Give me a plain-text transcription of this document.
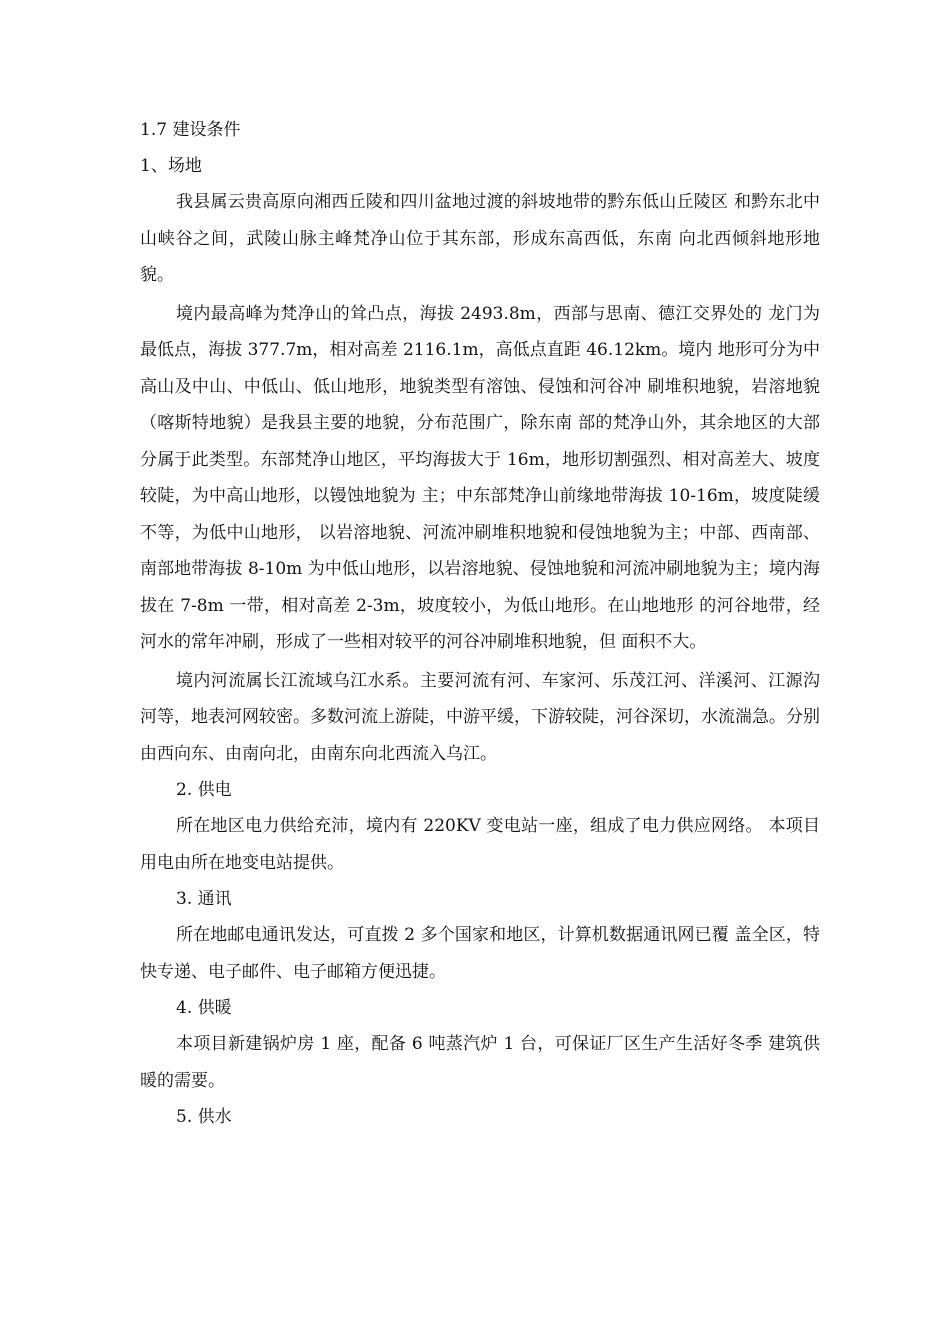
1.7 建设条件

1、场地

我县属云贵高原向湘西丘陵和四川盆地过渡的斜坡地带的黔东低山丘陵区 和黔东北中山峡谷之间，武陵山脉主峰梵净山位于其东部，形成东高西低，东南 向北西倾斜地形地貌。

境内最高峰为梵净山的耸凸点，海拔 2493.8m，西部与思南、德江交界处的 龙门为最低点，海拔 377.7m，相对高差 2116.1m，高低点直距 46.12km。境内 地形可分为中高山及中山、中低山、低山地形，地貌类型有溶蚀、侵蚀和河谷冲 刷堆积地貌，岩溶地貌（喀斯特地貌）是我县主要的地貌，分布范围广，除东南 部的梵净山外，其余地区的大部分属于此类型。东部梵净山地区，平均海拔大于 16m，地形切割强烈、相对高差大、坡度较陡，为中高山地形，以镘蚀地貌为 主；中东部梵净山前缘地带海拔 10-16m，坡度陡缓不等，为低中山地形， 以岩溶地貌、河流冲刷堆积地貌和侵蚀地貌为主；中部、西南部、南部地带海拔 8-10m 为中低山地形，以岩溶地貌、侵蚀地貌和河流冲刷地貌为主；境内海 拔在 7-8m 一带，相对高差 2-3m，坡度较小，为低山地形。在山地地形 的河谷地带，经河水的常年冲刷，形成了一些相对较平的河谷冲刷堆积地貌，但 面积不大。

境内河流属长江流域乌江水系。主要河流有河、车家河、乐茂江河、洋溪河、江源沟河等，地表河网较密。多数河流上游陡，中游平缓，下游较陡，河谷深切，水流湍急。分别由西向东、由南向北，由南东向北西流入乌江。

2. 供电

所在地区电力供给充沛，境内有 220KV 变电站一座，组成了电力供应网络。 本项目用电由所在地变电站提供。

3. 通讯

所在地邮电通讯发达，可直拨 2 多个国家和地区，计算机数据通讯网已覆 盖全区，特快专递、电子邮件、电子邮箱方便迅捷。

4. 供暖

本项目新建锅炉房 1 座，配备 6 吨蒸汽炉 1 台，可保证厂区生产生活好冬季 建筑供暖的需要。

5. 供水
